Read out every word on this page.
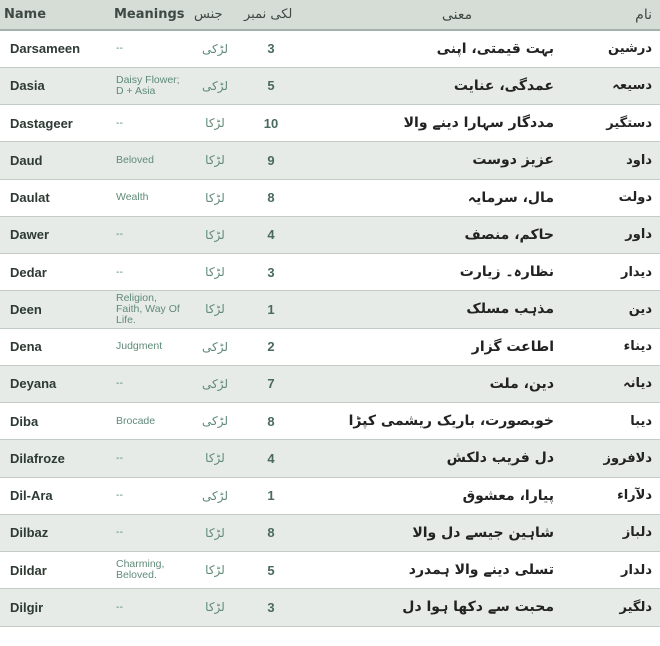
Name	Meanings	جنس	لکی نمبر	معنی	نام
Darsameen	--	لڑکی	3	بہت قیمتی، اپنی	درشین
Dasia	Daisy Flower; D + Asia	لڑکی	5	عمدگی، عنایت	دسیعہ
Dastageer	--	لڑکا	10	مددگار سہارا دینے والا	دستگیر
Daud	Beloved	لڑکا	9	عزیز دوست	داود
Daulat	Wealth	لڑکا	8	مال، سرمایہ	دولت
Dawer	--	لڑکا	4	حاکم، منصف	داور
Dedar	--	لڑکا	3	نظارہ۔ زیارت	دیدار
Deen	Religion, Faith, Way Of Life.	لڑکا	1	مذہب مسلک	دین
Dena	Judgment	لڑکی	2	اطاعت گزار	دیناء
Deyana	--	لڑکی	7	دین، ملت	دیانہ
Diba	Brocade	لڑکی	8	خوبصورت، باریک ریشمی کپڑا	دیبا
Dilafroze	--	لڑکا	4	دل فریب دلکش	دلافروز
Dil-Ara	--	لڑکی	1	پیارا، معشوق	دلآراء
Dilbaz	--	لڑکا	8	شاہین جیسے دل والا	دلباز
Dildar	Charming, Beloved.	لڑکا	5	تسلی دینے والا ہمدرد	دلدار
Dilgir	--	لڑکا	3	محبت سے دکھا ہوا دل	دلگیر
